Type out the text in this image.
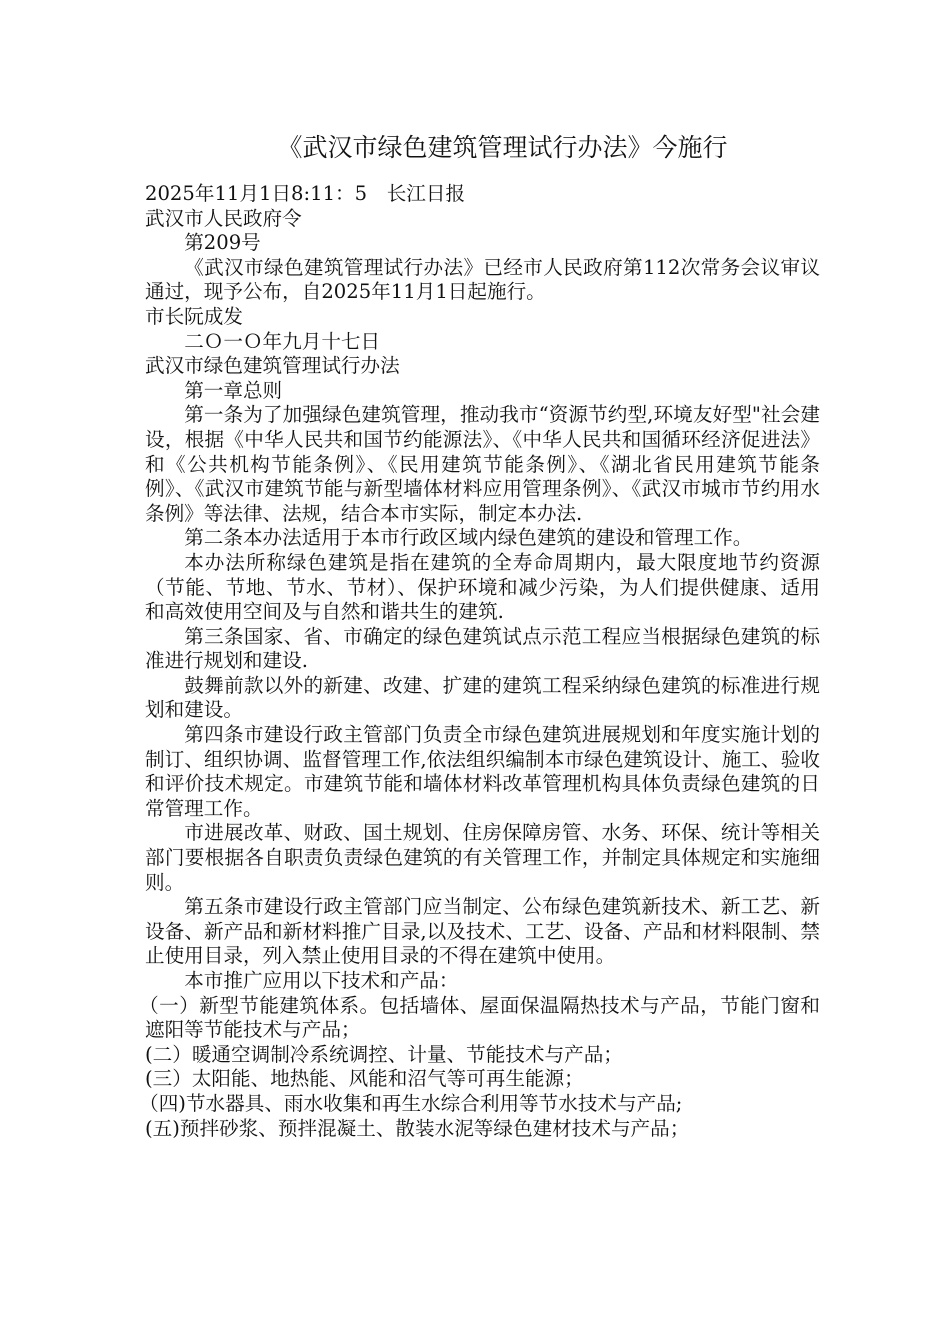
《武汉市绿色建筑管理试行办法》今施行

2025年11月1日8:11：5　长江日报

武汉市人民政府令

第209号

《武汉市绿色建筑管理试行办法》已经市人民政府第112次常务会议审议通过，现予公布，自2025年11月1日起施行。

市长阮成发

二Ｏ一Ｏ年九月十七日

武汉市绿色建筑管理试行办法

第一章总则

第一条为了加强绿色建筑管理，推动我市“资源节约型,环境友好型"社会建设，根据《中华人民共和国节约能源法》、《中华人民共和国循环经济促进法》和《公共机构节能条例》、《民用建筑节能条例》、《湖北省民用建筑节能条例》、《武汉市建筑节能与新型墙体材料应用管理条例》、《武汉市城市节约用水条例》等法律、法规，结合本市实际，制定本办法.

第二条本办法适用于本市行政区域内绿色建筑的建设和管理工作。

本办法所称绿色建筑是指在建筑的全寿命周期内，最大限度地节约资源（节能、节地、节水、节材）、保护环境和减少污染，为人们提供健康、适用和高效使用空间及与自然和谐共生的建筑.

第三条国家、省、市确定的绿色建筑试点示范工程应当根据绿色建筑的标准进行规划和建设.

鼓舞前款以外的新建、改建、扩建的建筑工程采纳绿色建筑的标准进行规划和建设。

第四条市建设行政主管部门负责全市绿色建筑进展规划和年度实施计划的制订、组织协调、监督管理工作,依法组织编制本市绿色建筑设计、施工、验收和评价技术规定。市建筑节能和墙体材料改革管理机构具体负责绿色建筑的日常管理工作。

市进展改革、财政、国土规划、住房保障房管、水务、环保、统计等相关部门要根据各自职责负责绿色建筑的有关管理工作，并制定具体规定和实施细则。

第五条市建设行政主管部门应当制定、公布绿色建筑新技术、新工艺、新设备、新产品和新材料推广目录,以及技术、工艺、设备、产品和材料限制、禁止使用目录，列入禁止使用目录的不得在建筑中使用。

本市推广应用以下技术和产品：

（一）新型节能建筑体系。包括墙体、屋面保温隔热技术与产品，节能门窗和遮阳等节能技术与产品；

(二）暖通空调制冷系统调控、计量、节能技术与产品；

(三）太阳能、地热能、风能和沼气等可再生能源；

（四)节水器具、雨水收集和再生水综合利用等节水技术与产品;

(五)预拌砂浆、预拌混凝土、散装水泥等绿色建材技术与产品；
